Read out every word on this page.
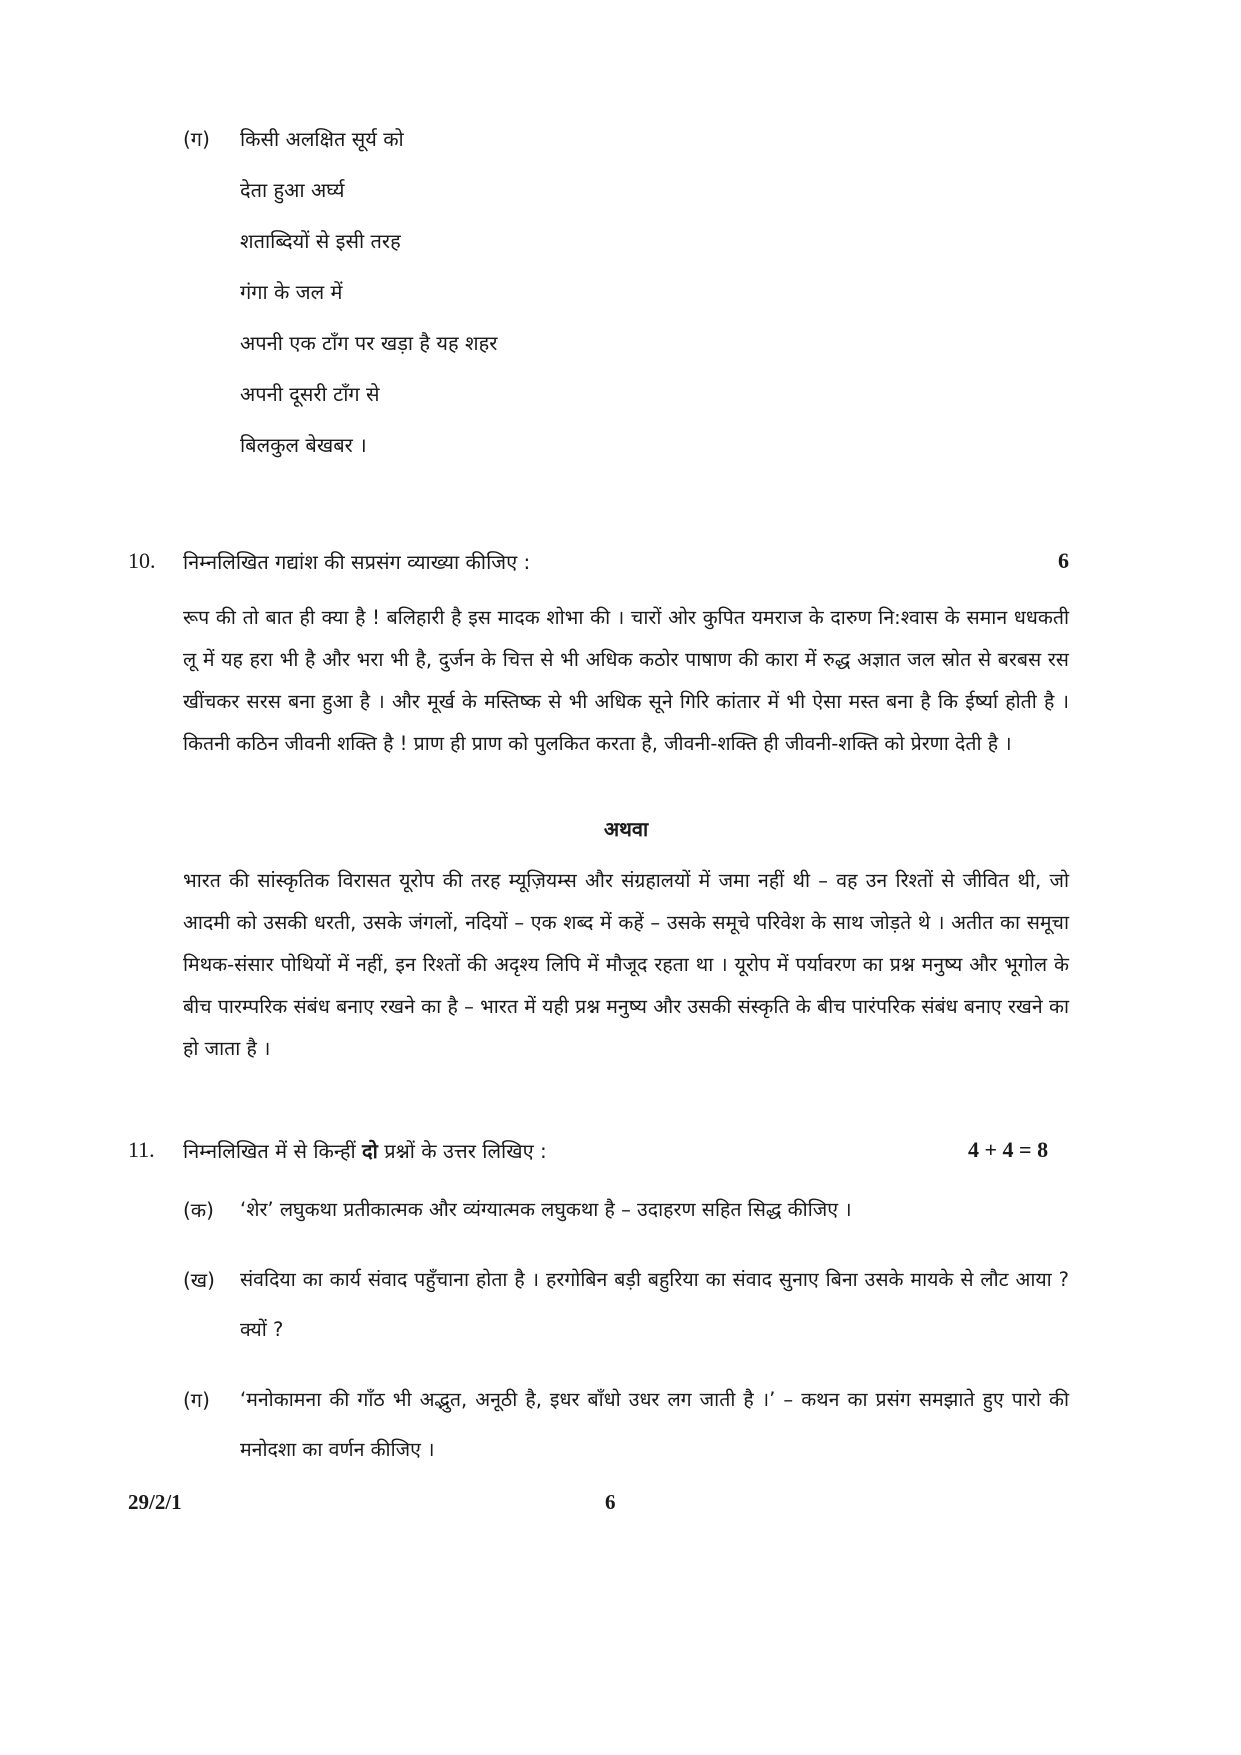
(ग) किसी अलक्षित सूर्य को
देता हुआ अर्घ्य
शताब्दियों से इसी तरह
गंगा के जल में
अपनी एक टाँग पर खड़ा है यह शहर
अपनी दूसरी टाँग से
बिलकुल बेखबर ।
10. निम्नलिखित गद्यांश की सप्रसंग व्याख्या कीजिए :	6
रूप की तो बात ही क्या है ! बलिहारी है इस मादक शोभा की । चारों ओर कुपित यमराज के दारुण नि:श्वास के समान धधकती लू में यह हरा भी है और भरा भी है, दुर्जन के चित्त से भी अधिक कठोर पाषाण की कारा में रुद्ध अज्ञात जल स्रोत से बरबस रस खींचकर सरस बना हुआ है । और मूर्ख के मस्तिष्क से भी अधिक सूने गिरि कांतार में भी ऐसा मस्त बना है कि ईर्ष्या होती है । कितनी कठिन जीवनी शक्ति है ! प्राण ही प्राण को पुलकित करता है, जीवनी-शक्ति ही जीवनी-शक्ति को प्रेरणा देती है ।
अथवा
भारत की सांस्कृतिक विरासत यूरोप की तरह म्यूज़ियम्स और संग्रहालयों में जमा नहीं थी – वह उन रिश्तों से जीवित थी, जो आदमी को उसकी धरती, उसके जंगलों, नदियों – एक शब्द में कहें – उसके समूचे परिवेश के साथ जोड़ते थे । अतीत का समूचा मिथक-संसार पोथियों में नहीं, इन रिश्तों की अदृश्य लिपि में मौजूद रहता था । यूरोप में पर्यावरण का प्रश्न मनुष्य और भूगोल के बीच पारम्परिक संबंध बनाए रखने का है – भारत में यही प्रश्न मनुष्य और उसकी संस्कृति के बीच पारंपरिक संबंध बनाए रखने का हो जाता है ।
11. निम्नलिखित में से किन्हीं दो प्रश्नों के उत्तर लिखिए :	4 + 4 = 8
(क) ‘शेर’ लघुकथा प्रतीकात्मक और व्यंग्यात्मक लघुकथा है – उदाहरण सहित सिद्ध कीजिए ।
(ख) संवदिया का कार्य संवाद पहुँचाना होता है । हरगोबिन बड़ी बहुरिया का संवाद सुनाए बिना उसके मायके से लौट आया ? क्यों ?
(ग) ‘मनोकामना की गाँठ भी अद्भुत, अनूठी है, इधर बाँधो उधर लग जाती है ।’ – कथन का प्रसंग समझाते हुए पारो की मनोदशा का वर्णन कीजिए ।
29/2/1	6
